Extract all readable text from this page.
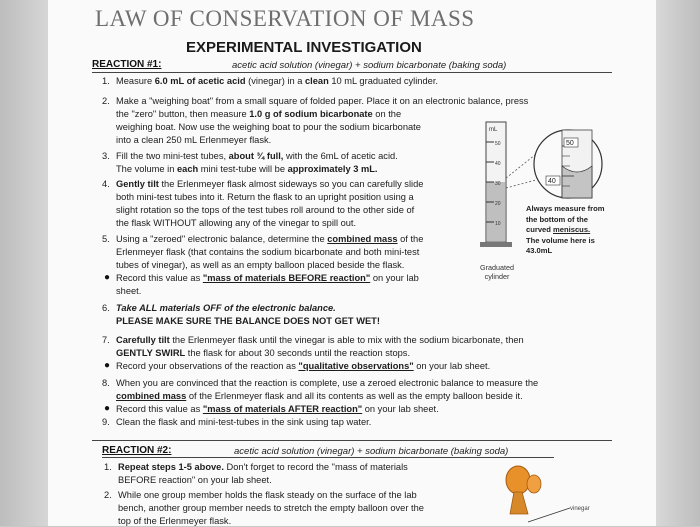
LAW OF CONSERVATION OF MASS
EXPERIMENTAL INVESTIGATION
REACTION #1:	acetic acid solution (vinegar) + sodium bicarbonate (baking soda)
1. Measure 6.0 mL of acetic acid (vinegar) in a clean 10 mL graduated cylinder.
2. Make a "weighing boat" from a small square of folded paper. Place it on an electronic balance, press
the "zero" button, then measure 1.0 g of sodium bicarbonate on the
weighing boat. Now use the weighing boat to pour the sodium bicarbonate
into a clean 250 mL Erlenmeyer flask.
3. Fill the two mini-test tubes, about ¾ full, with the 6mL of acetic acid.
The volume in each mini test-tube will be approximately 3 mL.
4. Gently tilt the Erlenmeyer flask almost sideways so you can carefully slide
both mini-test tubes into it. Return the flask to an upright position using a
slight rotation so the tops of the test tubes roll around to the other side of
the flask WITHOUT allowing any of the vinegar to spill out.
5. Using a "zeroed" electronic balance, determine the combined mass of the
Erlenmeyer flask (that contains the sodium bicarbonate and both mini-test
tubes of vinegar), as well as an empty balloon placed beside the flask.
● Record this value as "mass of materials BEFORE reaction" on your lab
sheet.
6. Take ALL materials OFF of the electronic balance.
PLEASE MAKE SURE THE BALANCE DOES NOT GET WET!
7. Carefully tilt the Erlenmeyer flask until the vinegar is able to mix with the sodium bicarbonate, then
GENTLY SWIRL the flask for about 30 seconds until the reaction stops.
● Record your observations of the reaction as "qualitative observations" on your lab sheet.
8. When you are convinced that the reaction is complete, use a zeroed electronic balance to measure the
combined mass of the Erlenmeyer flask and all its contents as well as the empty balloon beside it.
● Record this value as "mass of materials AFTER reaction" on your lab sheet.
9. Clean the flask and mini-test-tubes in the sink using tap water.
REACTION #2:	acetic acid solution (vinegar) + sodium bicarbonate (baking soda)
1. Repeat steps 1-5 above. Don't forget to record the "mass of materials
BEFORE reaction" on your lab sheet.
2. While one group member holds the flask steady on the surface of the lab
bench, another group member needs to stretch the empty balloon over the
top of the Erlenmeyer flask.
mL
50
40
30
20
10
50
40
Always measure from
the bottom of the
curved meniscus.
The volume here is
43.0mL
Graduated
cylinder
vinegar
